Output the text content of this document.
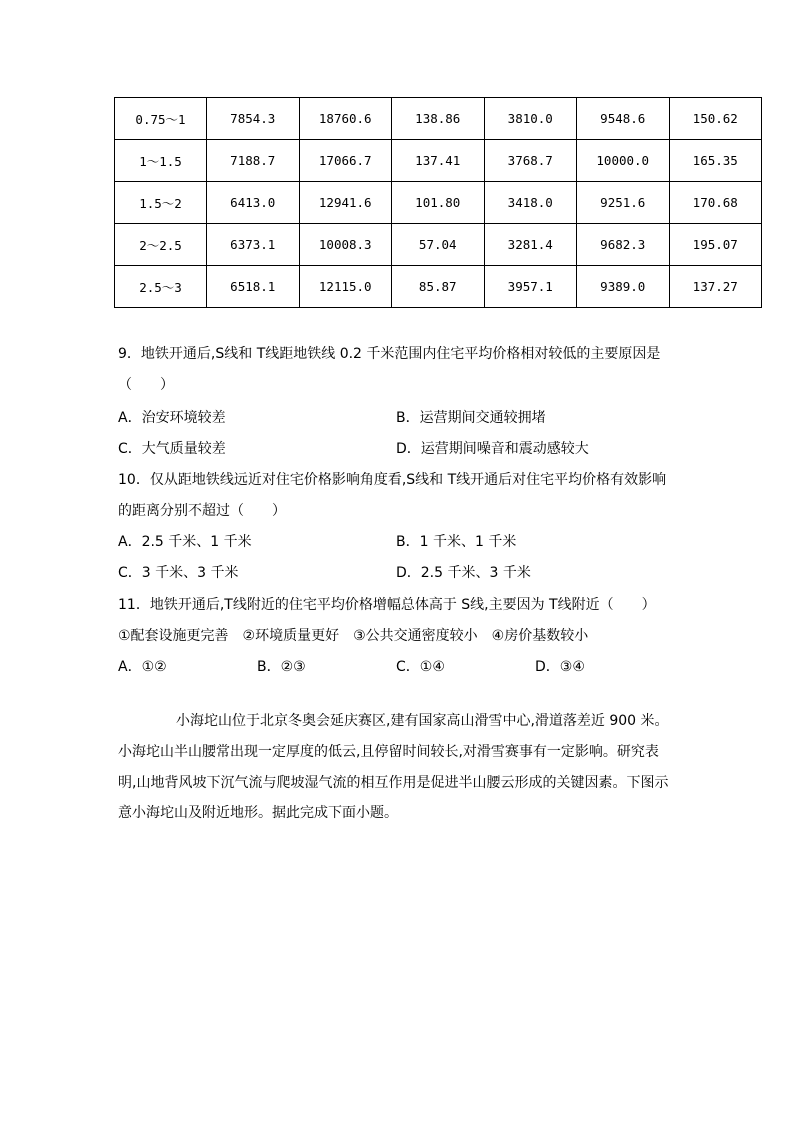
0.75～1	7854.3	18760.6	138.86	3810.0	9548.6	150.62
1～1.5	7188.7	17066.7	137.41	3768.7	10000.0	165.35
1.5～2	6413.0	12941.6	101.80	3418.0	9251.6	170.68
2～2.5	6373.1	10008.3	57.04	3281.4	9682.3	195.07
2.5～3	6518.1	12115.0	85.87	3957.1	9389.0	137.27
9．地铁开通后,S线和 T线距地铁线 0.2 千米范围内住宅平均价格相对较低的主要原因是
（　　）
A．治安环境较差	B．运营期间交通较拥堵
C．大气质量较差	D．运营期间噪音和震动感较大
10．仅从距地铁线远近对住宅价格影响角度看,S线和 T线开通后对住宅平均价格有效影响
的距离分别不超过（　　）
A．2.5 千米、1 千米	B．1 千米、1 千米
C．3 千米、3 千米	D．2.5 千米、3 千米
11．地铁开通后,T线附近的住宅平均价格增幅总体高于 S线,主要因为 T线附近（　　）
①配套设施更完善　②环境质量更好　③公共交通密度较小　④房价基数较小
A．①②	B．②③	C．①④	D．③④
小海坨山位于北京冬奥会延庆赛区,建有国家高山滑雪中心,滑道落差近 900 米。
小海坨山半山腰常出现一定厚度的低云,且停留时间较长,对滑雪赛事有一定影响。研究表
明,山地背风坡下沉气流与爬坡湿气流的相互作用是促进半山腰云形成的关键因素。下图示
意小海坨山及附近地形。据此完成下面小题。
